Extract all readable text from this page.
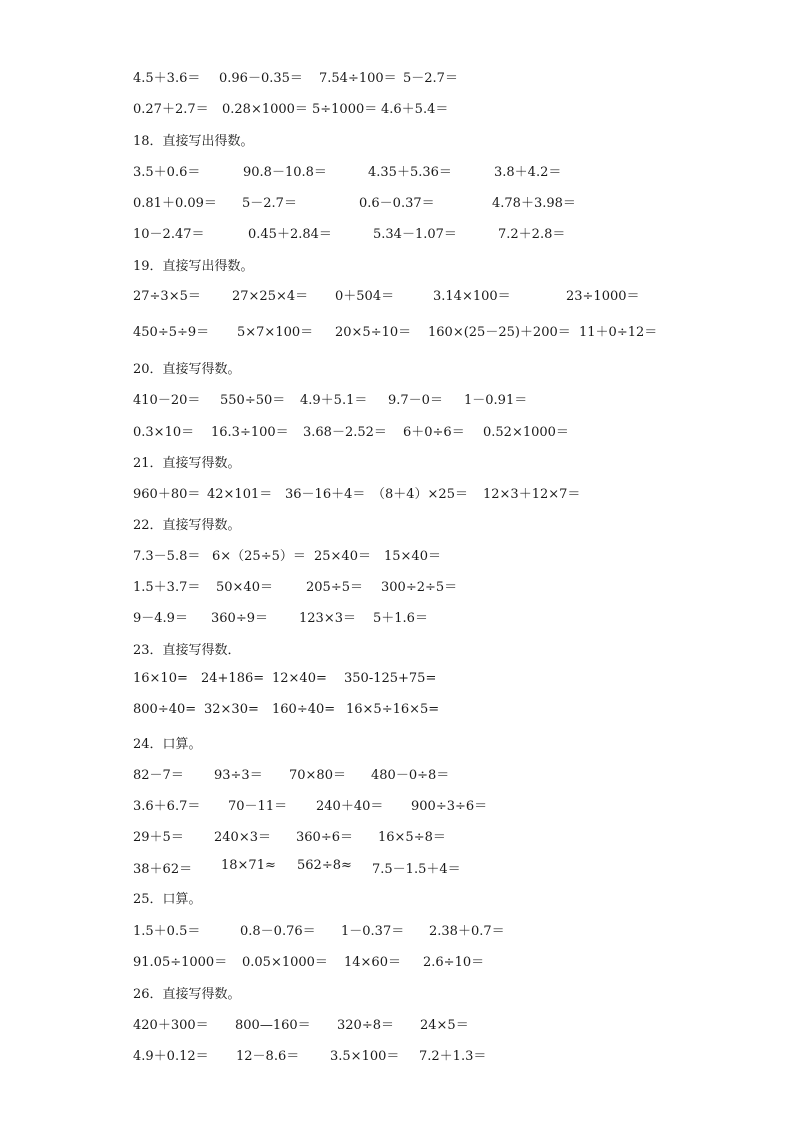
4.5＋3.6＝ 0.96－0.35＝ 7.54÷100＝ 5－2.7＝
0.27＋2.7＝ 0.28×1000＝ 5÷1000＝ 4.6＋5.4＝
18．直接写出得数。
3.5＋0.6＝	90.8－10.8＝	4.35＋5.36＝	3.8＋4.2＝
0.81＋0.09＝ 5－2.7＝	0.6－0.37＝	4.78＋3.98＝
10－2.47＝	0.45＋2.84＝	5.34－1.07＝	7.2＋2.8＝
19．直接写出得数。
27÷3×5＝ 27×25×4＝ 0＋504＝	3.14×100＝	23÷1000＝
450÷5÷9＝ 5×7×100＝ 20×5÷10＝ 160×(25－25)＋200＝ 11＋0÷12＝
20．直接写得数。
410－20＝ 550÷50＝ 4.9＋5.1＝ 9.7－0＝ 1－0.91＝
0.3×10＝ 16.3÷100＝ 3.68－2.52＝ 6＋0÷6＝ 0.52×1000＝
21．直接写得数。
960＋80＝ 42×101＝ 36－16＋4＝ （8＋4）×25＝ 12×3＋12×7＝
22．直接写得数。
7.3－5.8＝ 6×（25÷5）＝ 25×40＝ 15×40＝
1.5＋3.7＝ 50×40＝	205÷5＝ 300÷2÷5＝
9－4.9＝ 360÷9＝ 123×3＝ 5＋1.6＝
23．直接写得数．
16×10= 24+186= 12×40= 350-125+75=
800÷40= 32×30= 160÷40= 16×5÷16×5=
24．口算。
82－7＝ 93÷3＝ 70×80＝ 480－0÷8＝
3.6＋6.7＝ 70－11＝ 240＋40＝ 900÷3÷6＝
29＋5＝ 240×3＝ 360÷6＝ 16×5÷8＝
38＋62＝ 18×71≈ 562÷8≈ 7.5－1.5＋4＝
25．口算。
1.5＋0.5＝	0.8－0.76＝ 1－0.37＝ 2.38＋0.7＝
91.05÷1000＝ 0.05×1000＝ 14×60＝ 2.6÷10＝
26．直接写得数。
420＋300＝ 800—160＝ 320÷8＝ 24×5＝
4.9＋0.12＝ 12－8.6＝ 3.5×100＝ 7.2＋1.3＝
